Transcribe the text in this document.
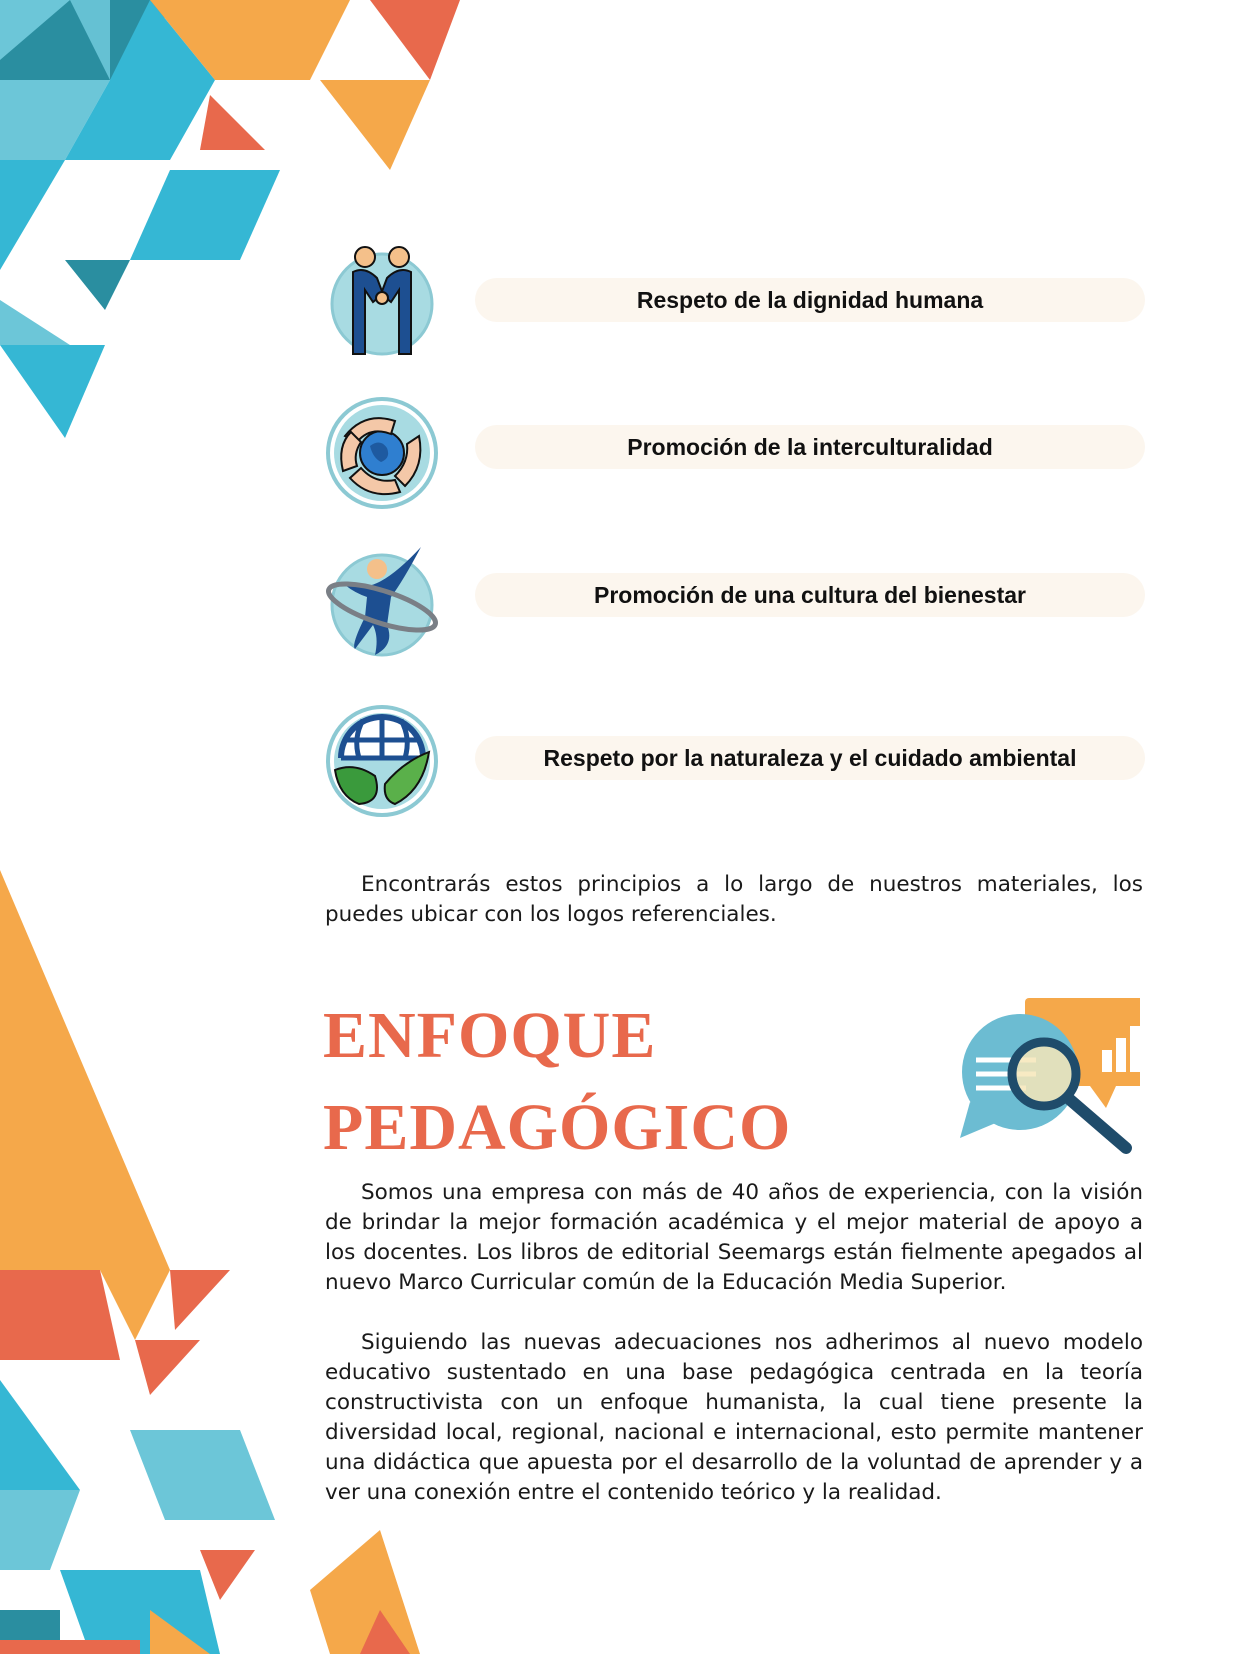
Respeto de la dignidad humana
Promoción de la interculturalidad
Promoción de una cultura del bienestar
Respeto por la naturaleza y el cuidado ambiental

Encontrarás estos principios a lo largo de nuestros materiales, los puedes ubicar con los logos referenciales.

ENFOQUE
PEDAGÓGICO

Somos una empresa con más de 40 años de experiencia, con la visión de brindar la mejor formación académica y el mejor material de apoyo a los docentes. Los libros de editorial Seemargs están fielmente apegados al nuevo Marco Curricular común de la Educación Media Superior.

Siguiendo las nuevas adecuaciones nos adherimos al nuevo modelo educativo sustentado en una base pedagógica centrada en la teoría constructivista con un enfoque humanista, la cual tiene presente la diversidad local, regional, nacional e internacional, esto permite mantener una didáctica que apuesta por el desarrollo de la voluntad de aprender y a ver una conexión entre el contenido teórico y la realidad.
